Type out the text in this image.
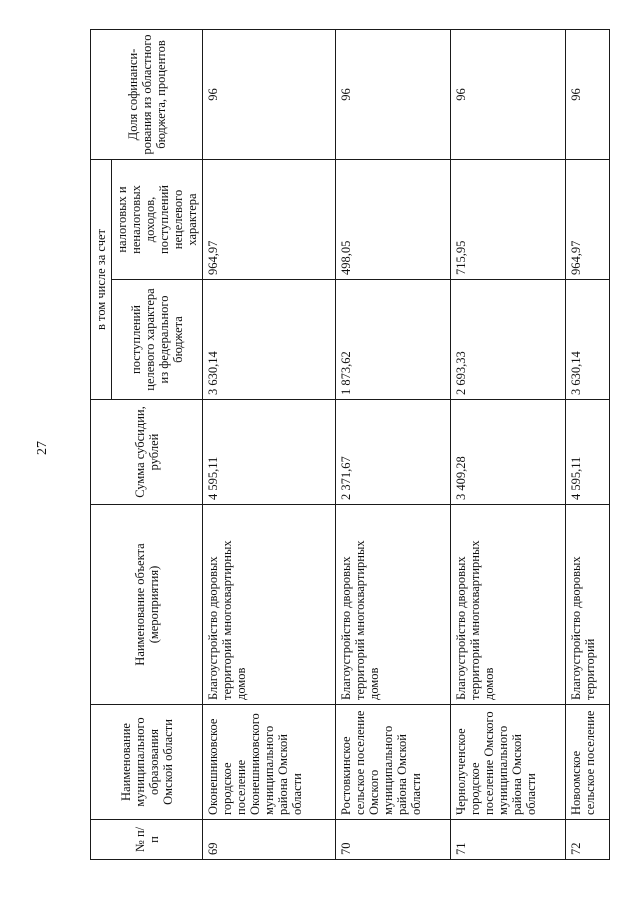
27
№ п/п	Наименование муниципального образования Омской области	Наименование объекта (мероприятия)	Сумма субсидии, рублей	в том числе за счет		Доля софинанси-рования из областного бюджета, процентов
				поступлений целевого характера из федерального бюджета	налоговых и неналоговых доходов, поступлений нецелевого характера	
69	Оконешниковское городское поселение Оконешниковского муниципального района Омской области	Благоустройство дворовых территорий многоквартирных домов	4 595,11	3 630,14	964,97	96
70	Ростовкинское сельское поселение Омского муниципального района Омской области	Благоустройство дворовых территорий многоквартирных домов	2 371,67	1 873,62	498,05	96
71	Чернолученское городское поселение Омского муниципального района Омской области	Благоустройство дворовых территорий многоквартирных домов	3 409,28	2 693,33	715,95	96
72	Новоомское сельское поселение	Благоустройство дворовых территорий	4 595,11	3 630,14	964,97	96
